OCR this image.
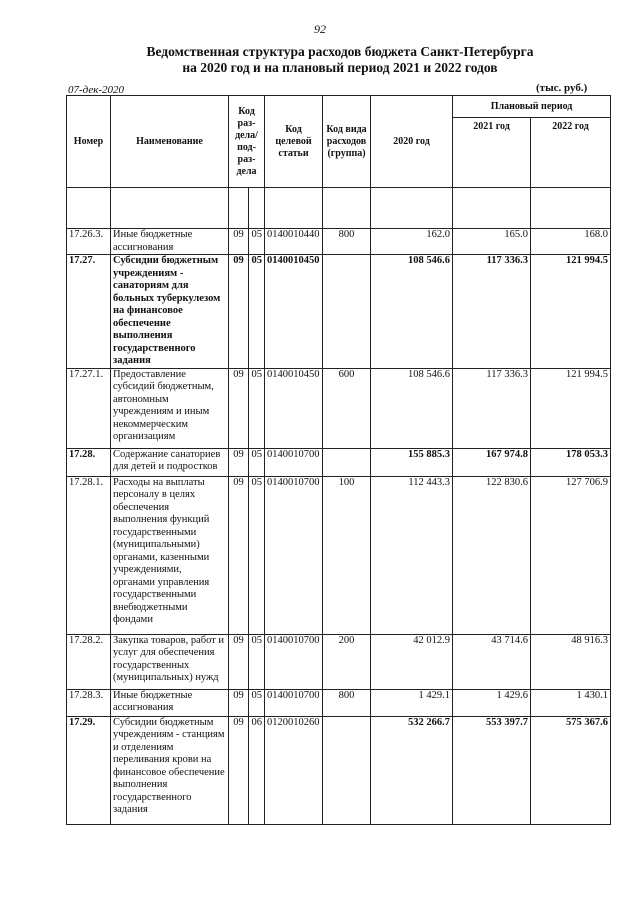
92
Ведомственная структура расходов бюджета Санкт-Петербурга
на 2020 год и на плановый период 2021 и 2022 годов
07-дек-2020	(тыс. руб.)
Номер	Наименование	Код раз-дела/ под-раз-дела		Код целевой статьи	Код вида расходов (группа)	2020 год	Плановый период	
							2021 год	2022 год

17.26.3.	Иные бюджетные ассигнования	09	05	0140010440	800	162.0	165.0	168.0
17.27.	Субсидии бюджетным учреждениям - санаториям для больных туберкулезом на финансовое обеспечение выполнения государственного задания	09	05	0140010450		108 546.6	117 336.3	121 994.5
17.27.1.	Предоставление субсидий бюджетным, автономным учреждениям и иным некоммерческим организациям	09	05	0140010450	600	108 546.6	117 336.3	121 994.5
17.28.	Содержание санаториев для детей и подростков	09	05	0140010700		155 885.3	167 974.8	178 053.3
17.28.1.	Расходы на выплаты персоналу в целях обеспечения выполнения функций государственными (муниципальными) органами, казенными учреждениями, органами управления государственными внебюджетными фондами	09	05	0140010700	100	112 443.3	122 830.6	127 706.9
17.28.2.	Закупка товаров, работ и услуг для обеспечения государственных (муниципальных) нужд	09	05	0140010700	200	42 012.9	43 714.6	48 916.3
17.28.3.	Иные бюджетные ассигнования	09	05	0140010700	800	1 429.1	1 429.6	1 430.1
17.29.	Субсидии бюджетным учреждениям - станциям и отделениям переливания крови на финансовое обеспечение выполнения государственного задания	09	06	0120010260		532 266.7	553 397.7	575 367.6
